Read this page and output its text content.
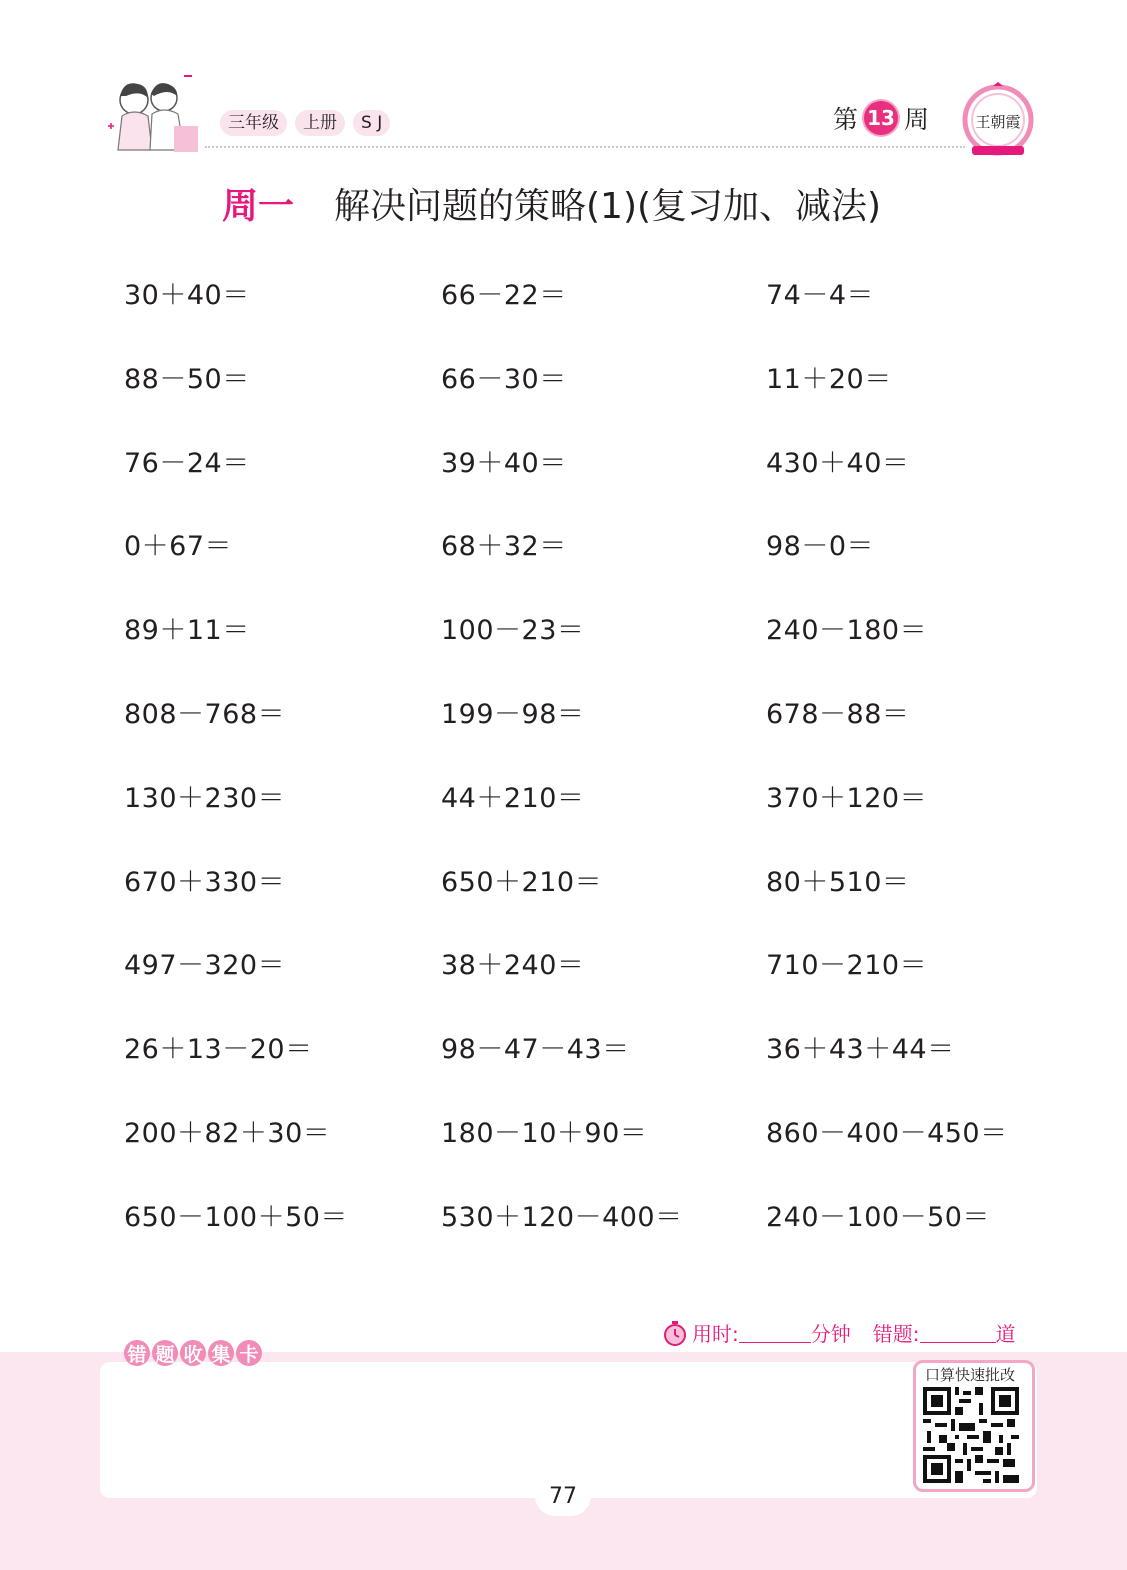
三年级	上册	S J	第 13 周	王朝霞
周一 解决问题的策略(1)(复习加、减法)
30＋40＝	66－22＝	74－4＝
88－50＝	66－30＝	11＋20＝
76－24＝	39＋40＝	430＋40＝
0＋67＝	68＋32＝	98－0＝
89＋11＝	100－23＝	240－180＝
808－768＝	199－98＝	678－88＝
130＋230＝	44＋210＝	370＋120＝
670＋330＝	650＋210＝	80＋510＝
497－320＝	38＋240＝	710－210＝
26＋13－20＝	98－47－43＝	36＋43＋44＝
200＋82＋30＝	180－10＋90＝	860－400－450＝
650－100＋50＝	530＋120－400＝	240－100－50＝
用时:	分钟 错题:	道
错 题 收 集 卡
口算快速批改
77
